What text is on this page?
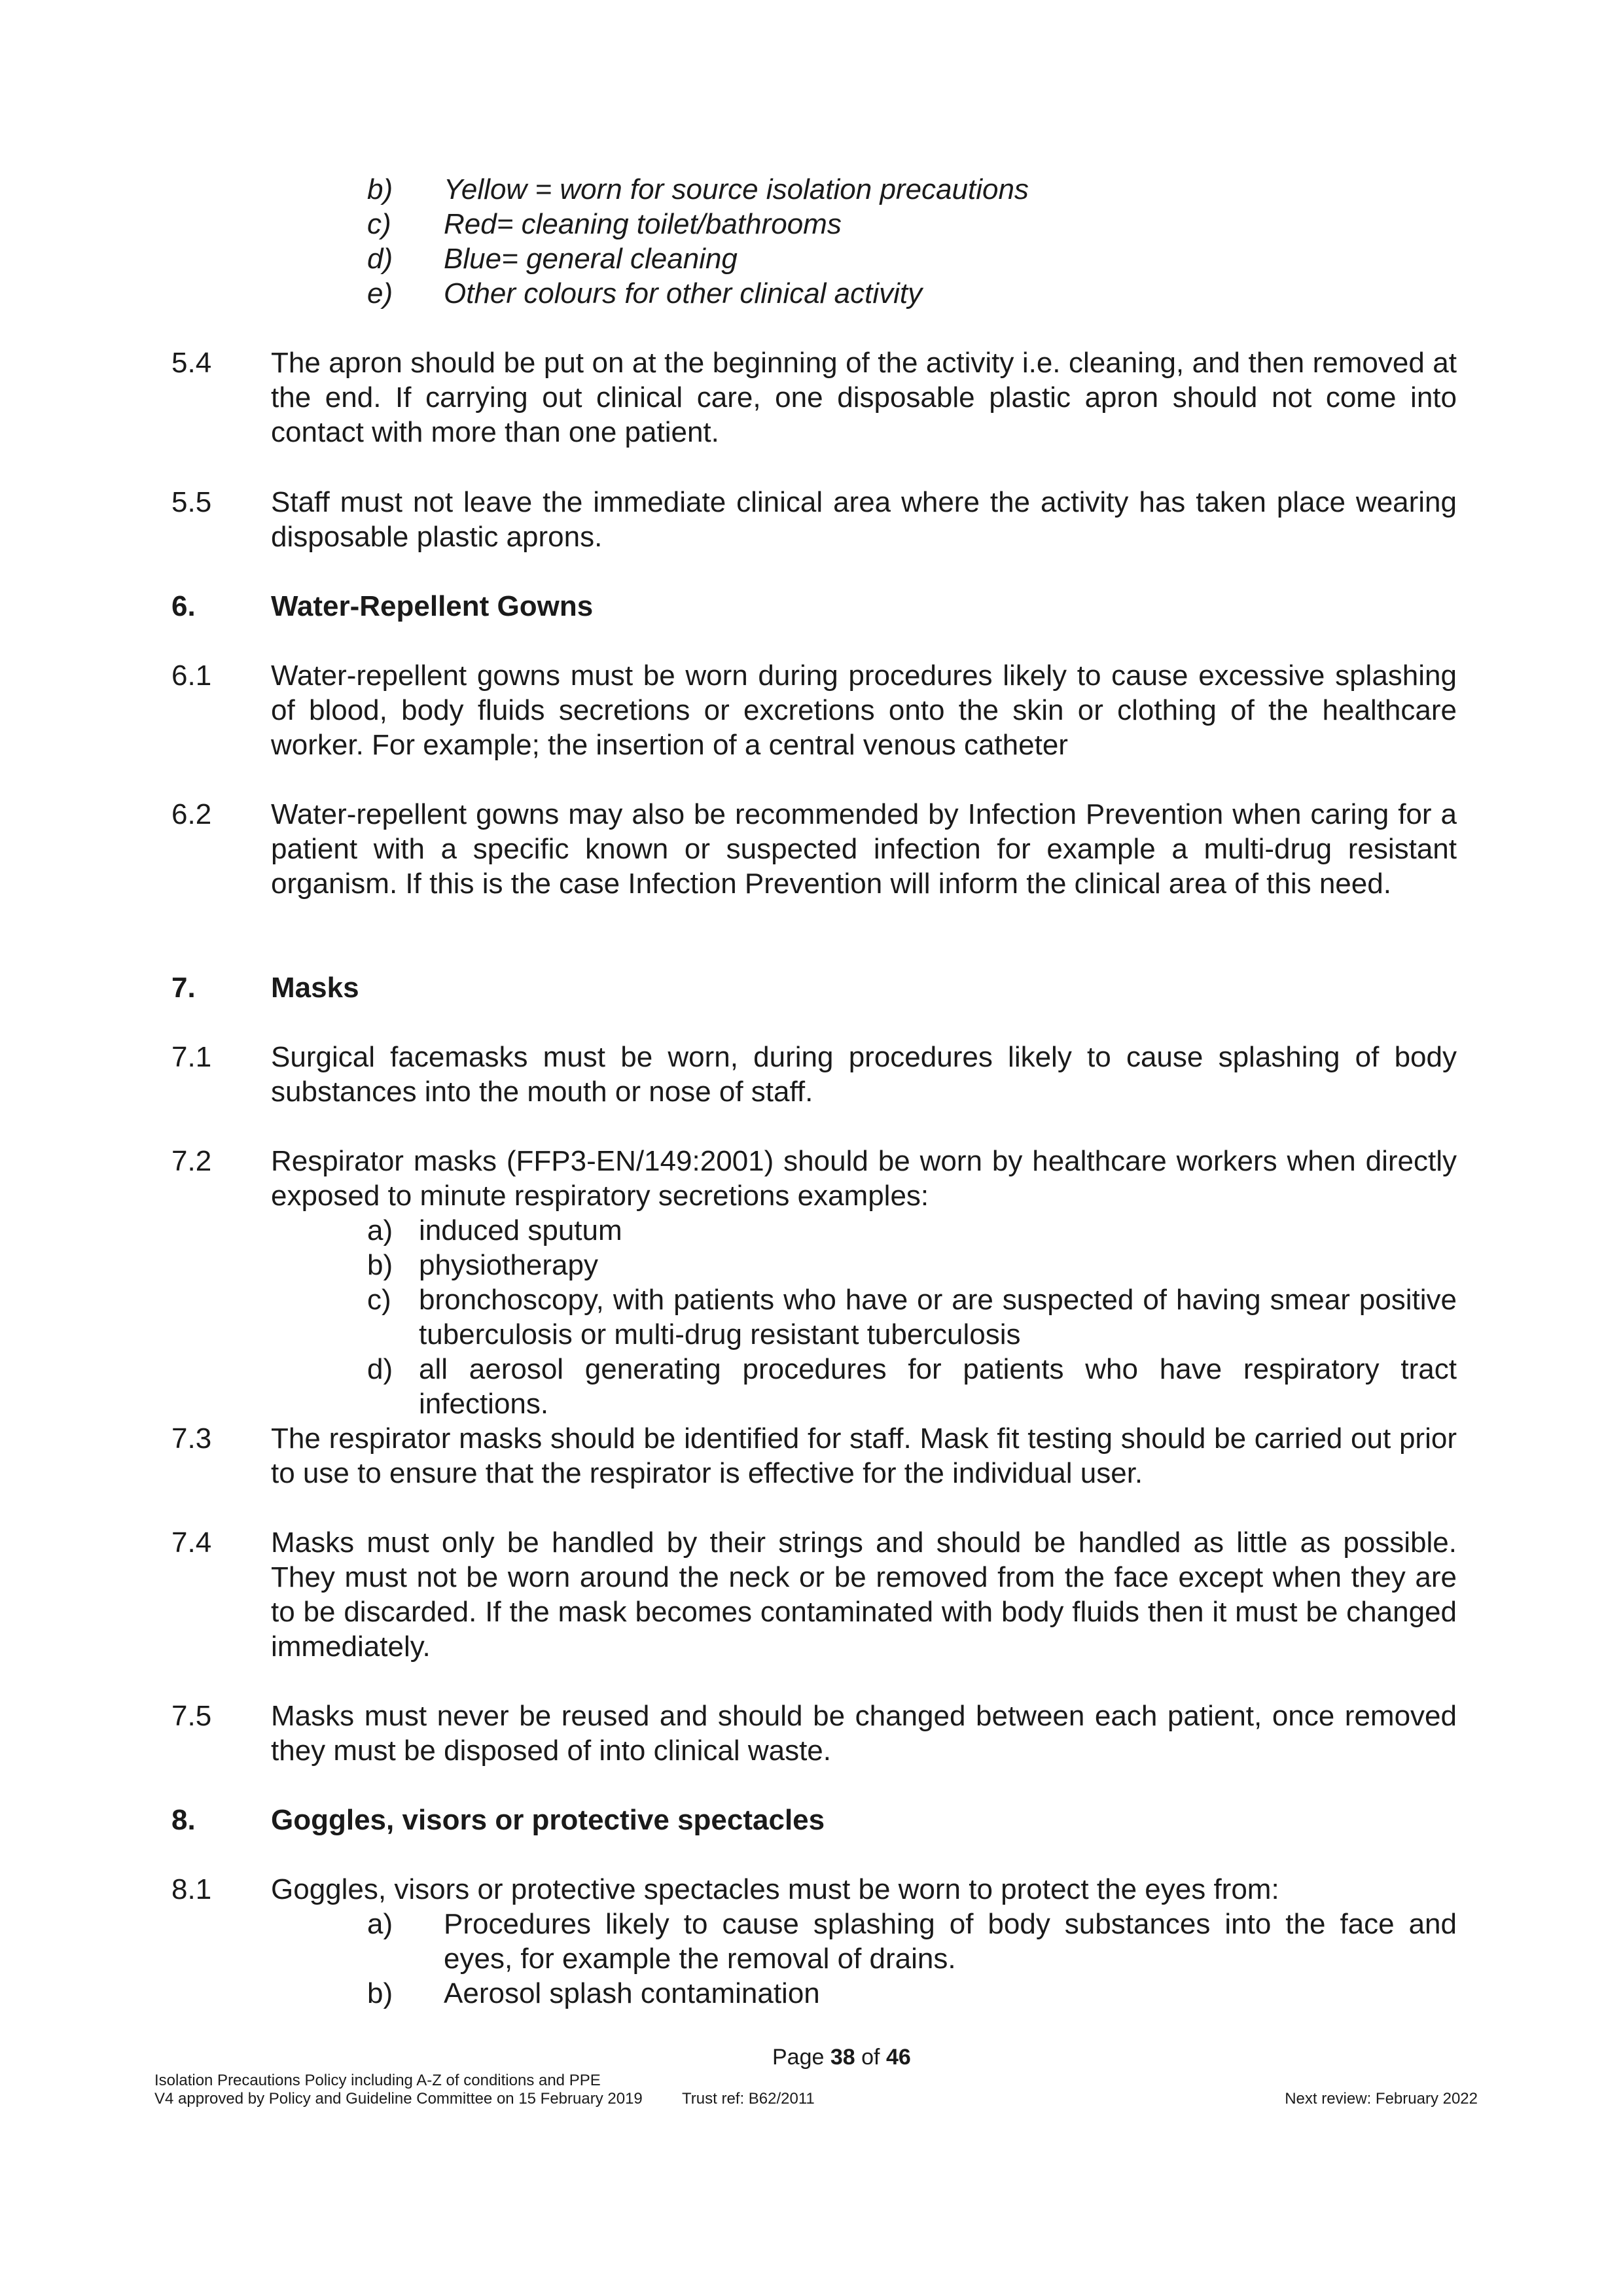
b) Yellow = worn for source isolation precautions
c) Red= cleaning toilet/bathrooms
d) Blue= general cleaning
e) Other colours for other clinical activity
5.4 The apron should be put on at the beginning of the activity i.e. cleaning, and then removed at the end. If carrying out clinical care, one disposable plastic apron should not come into contact with more than one patient.
5.5 Staff must not leave the immediate clinical area where the activity has taken place wearing disposable plastic aprons.
6.	Water-Repellent Gowns
6.1 Water-repellent gowns must be worn during procedures likely to cause excessive splashing of blood, body fluids secretions or excretions onto the skin or clothing of the healthcare worker. For example; the insertion of a central venous catheter
6.2 Water-repellent gowns may also be recommended by Infection Prevention when caring for a patient with a specific known or suspected infection for example a multi-drug resistant organism. If this is the case Infection Prevention will inform the clinical area of this need.
7.	Masks
7.1 Surgical facemasks must be worn, during procedures likely to cause splashing of body substances into the mouth or nose of staff.
7.2 Respirator masks (FFP3-EN/149:2001) should be worn by healthcare workers when directly exposed to minute respiratory secretions examples:
a) induced sputum
b) physiotherapy
c) bronchoscopy, with patients who have or are suspected of having smear positive tuberculosis or multi-drug resistant tuberculosis
d) all aerosol generating procedures for patients who have respiratory tract infections.
7.3 The respirator masks should be identified for staff. Mask fit testing should be carried out prior to use to ensure that the respirator is effective for the individual user.
7.4 Masks must only be handled by their strings and should be handled as little as possible. They must not be worn around the neck or be removed from the face except when they are to be discarded. If the mask becomes contaminated with body fluids then it must be changed immediately.
7.5 Masks must never be reused and should be changed between each patient, once removed they must be disposed of into clinical waste.
8.	Goggles, visors or protective spectacles
8.1 Goggles, visors or protective spectacles must be worn to protect the eyes from:
a) Procedures likely to cause splashing of body substances into the face and eyes, for example the removal of drains.
b) Aerosol splash contamination
Page 38 of 46
Isolation Precautions Policy including A-Z of conditions and PPE
V4 approved by Policy and Guideline Committee on 15 February 2019	Trust ref: B62/2011	Next review: February 2022
